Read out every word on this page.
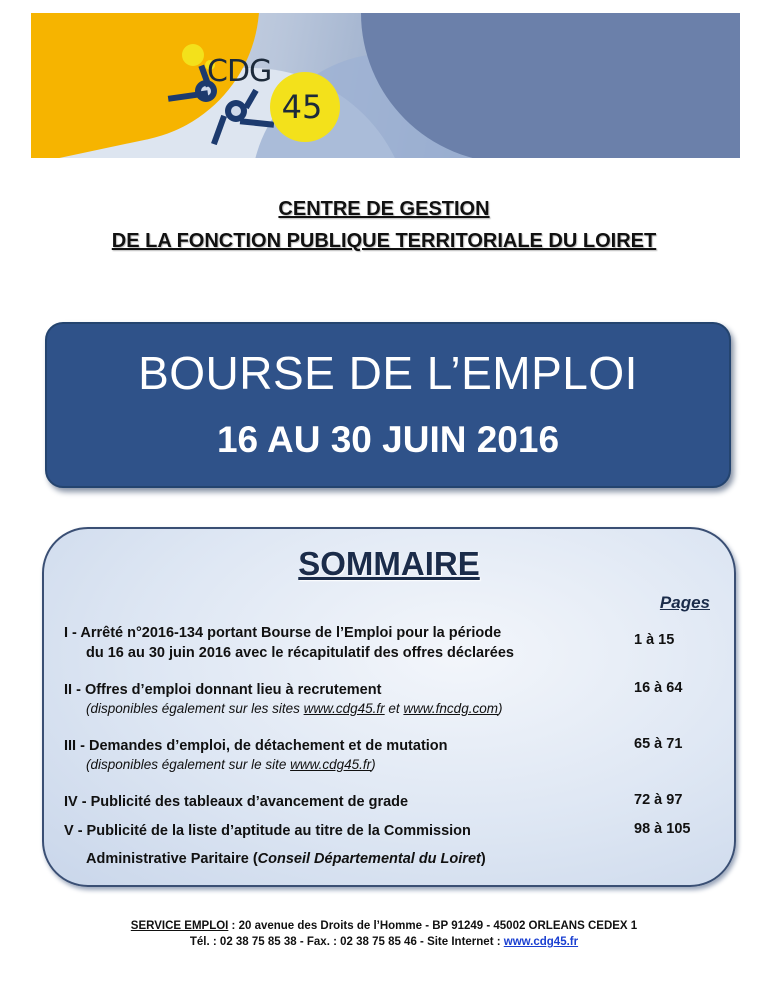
45
CDG
CENTRE DE GESTION
DE LA FONCTION PUBLIQUE TERRITORIALE DU LOIRET
BOURSE DE L’EMPLOI
16 AU 30 JUIN 2016
SOMMAIRE
Pages
I - Arrêté n°2016-134 portant Bourse de l’Emploi pour la période
du 16 au 30 juin 2016 avec le récapitulatif des offres déclarées
1 à 15
II - Offres d’emploi donnant lieu à recrutement
(disponibles également sur les sites www.cdg45.fr et www.fncdg.com)
16 à 64
III - Demandes d’emploi, de détachement et de mutation
(disponibles également sur le site www.cdg45.fr)
65 à 71
IV - Publicité des tableaux d’avancement de grade	72 à 97
V - Publicité de la liste d’aptitude au titre de la Commission
Administrative Paritaire (Conseil Départemental du Loiret)
98 à 105
SERVICE EMPLOI : 20 avenue des Droits de l’Homme - BP 91249 - 45002 ORLEANS CEDEX 1
Tél. : 02 38 75 85 38 - Fax. : 02 38 75 85 46 - Site Internet : www.cdg45.fr
